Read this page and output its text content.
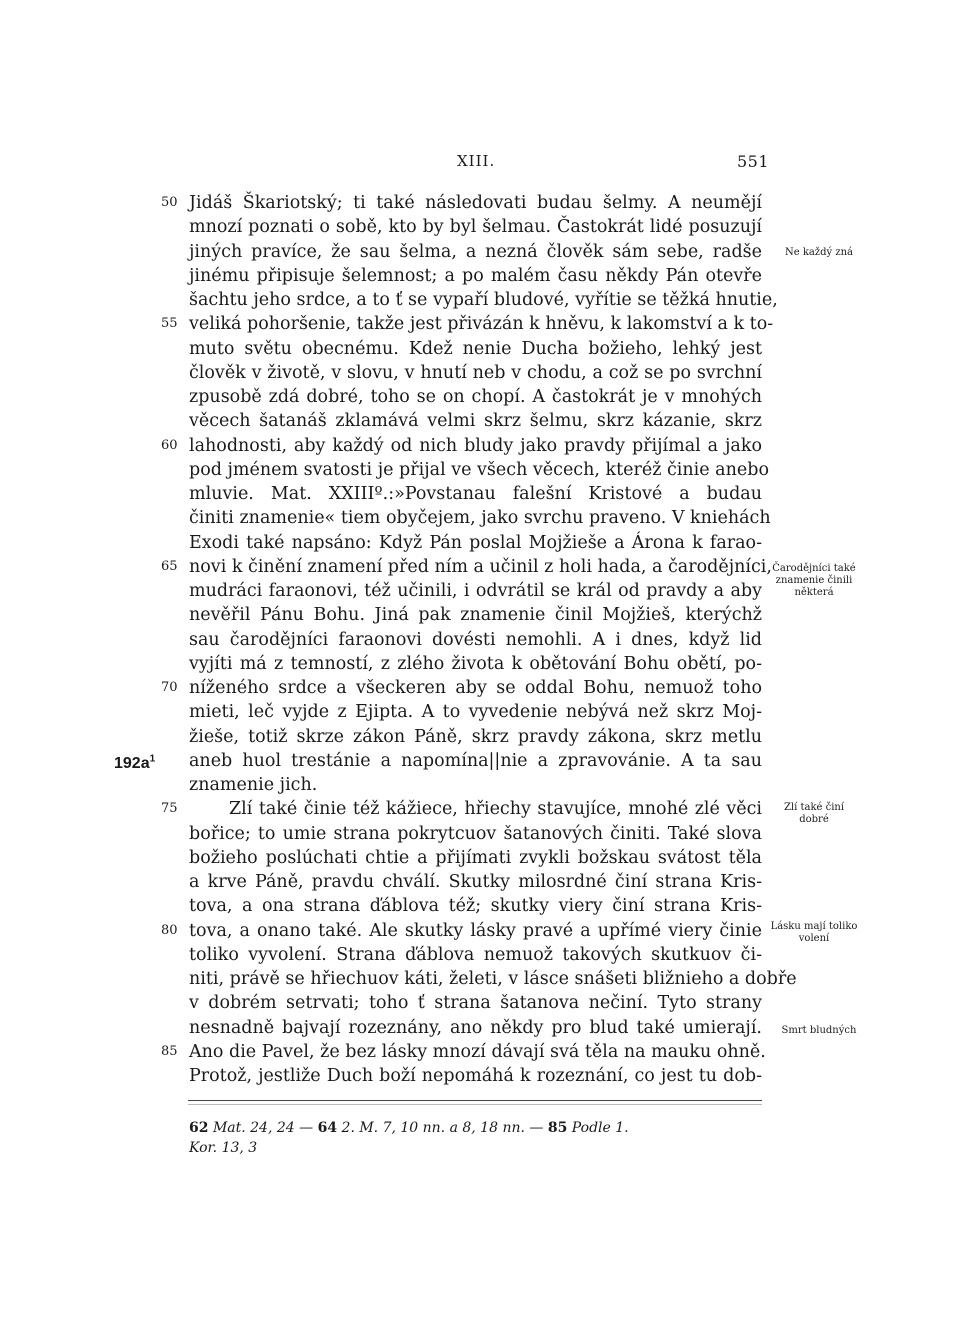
XIII.	551
50 Jidáš Škariotský; ti také následovati budau šelmy. A neumějí
mnozí poznati o sobě, kto by byl šelmau. Častokrát lidé posuzují
jiných pravíce, že sau šelma, a nezná člověk sám sebe, radše
jinému připisuje šelemnost; a po malém času někdy Pán otevře
šachtu jeho srdce, a to ť se vypaří bludové, vyřítie se těžká hnutie,
55 veliká pohoršenie, takže jest přivázán k hněvu, k lakomství a k to-
muto světu obecnému. Kdež nenie Ducha božieho, lehký jest
člověk v životě, v slovu, v hnutí neb v chodu, a což se po svrchní
zpusobě zdá dobré, toho se on chopí. A častokrát je v mnohých
věcech šatanáš zklamává velmi skrz šelmu, skrz kázanie, skrz
60 lahodnosti, aby každý od nich bludy jako pravdy přijímal a jako
pod jménem svatosti je přijal ve všech věcech, kteréž činie anebo
mluvie. Mat. XXIIIº.:»Povstanau falešní Kristové a budau
činiti znamenie« tiem obyčejem, jako svrchu praveno. V kniehách
Exodi také napsáno: Když Pán poslal Mojžieše a Árona k farao-
65 novi k činění znamení před ním a učinil z holi hada, a čarodějníci,
mudráci faraonovi, též učinili, i odvrátil se král od pravdy a aby
nevěřil Pánu Bohu. Jiná pak znamenie činil Mojžieš, kterýchž
sau čarodějníci faraonovi dovésti nemohli. A i dnes, když lid
vyjíti má z temností, z zlého života k obětování Bohu obětí, po-
70 níženého srdce a všeckeren aby se oddal Bohu, nemuož toho
mieti, leč vyjde z Ejipta. A to vyvedenie nebývá než skrz Moj-
žieše, totiž skrze zákon Páně, skrz pravdy zákona, skrz metlu
aneb huol trestánie a napomína||nie a zpravovánie. A ta sau
znamenie jich.
75	Zlí také činie též kážiece, hřiechy stavujíce, mnohé zlé věci
bořice; to umie strana pokrytcuov šatanových činiti. Také slova
božieho poslúchati chtie a přijímati zvykli božskau svátost těla
a krve Páně, pravdu chválí. Skutky milosrdné činí strana Kris-
tova, a ona strana ďáblova též; skutky viery činí strana Kris-
80 tova, a onano také. Ale skutky lásky pravé a upřímé viery činie
toliko vyvolení. Strana ďáblova nemuož takových skutkuov či-
niti, právě se hřiechuov káti, želeti, v lásce snášeti bližnieho a dobře
v dobrém setrvati; toho ť strana šatanova nečiní. Tyto strany
nesnadně bajvají rozeznány, ano někdy pro blud také umierají.
85 Ano die Pavel, že bez lásky mnozí dávají svá těla na mauku ohně.
Protož, jestliže Duch boží nepomáhá k rozeznání, co jest tu dob-
$192a^1$
Ne každý zná
Čarodějníci také znamenie činili některá
Zlí také činí dobré
Lásku mají toliko volení
Smrt bludných
62 Mat. 24, 24 — 64 2. M. 7, 10 nn. a 8, 18 nn. — 85 Podle 1.
Kor. 13, 3
